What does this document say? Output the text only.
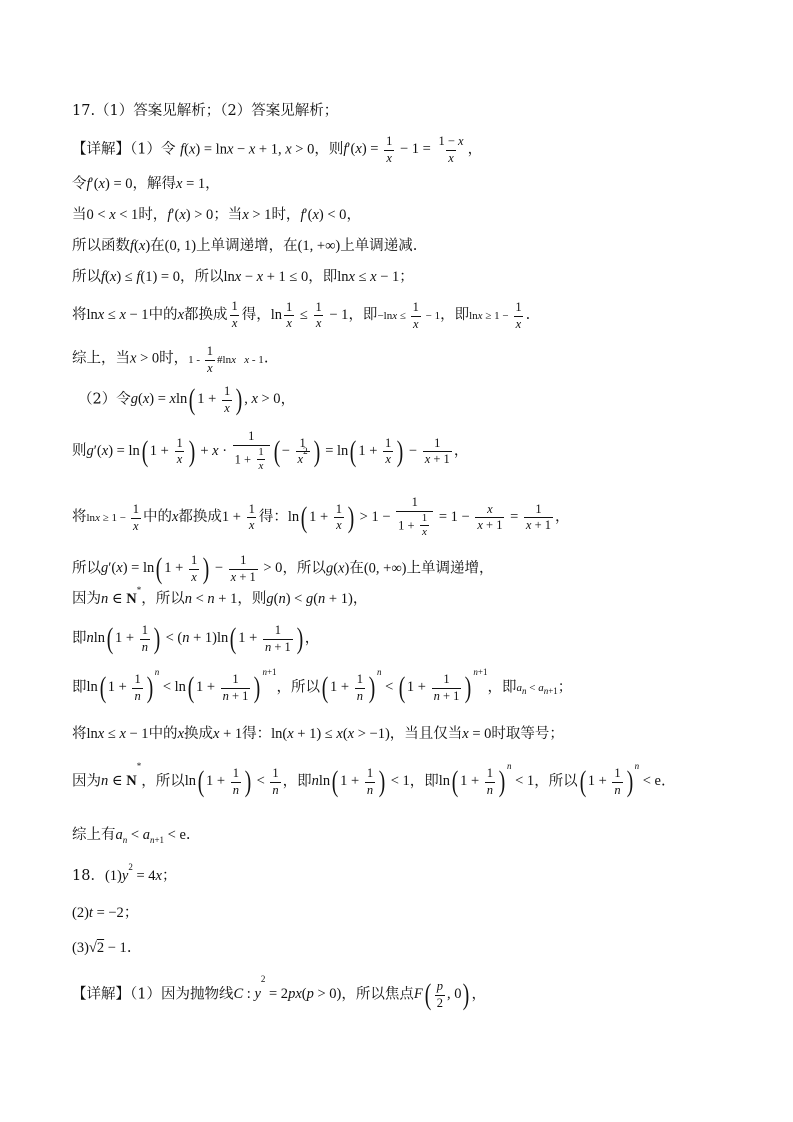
17.（1）答案见解析；（2）答案见解析；
【详解】（1）令 f(x) = lnx − x + 1, x > 0，则$f'(x) = \frac{1}{x} - 1 = \frac{1 - x}{x}$ ，
令f′(x) = 0，解得x = 1，
当0 < x < 1时，f′(x) > 0；当x > 1时，f′(x) < 0，
所以函数f(x)在(0, 1)上单调递增，在(1, +∞)上单调递减.
所以f(x) ≤ f(1) = 0，所以lnx − x + 1 ≤ 0，即lnx ≤ x − 1；
将lnx ≤ x − 1中的x都换成 $\frac{1}{x}$ 得，$\ln \frac{1}{x} \le \frac{1}{x} - 1$，即$-\ln x \le \frac{1}{x} - 1$，即$\ln x \ge 1 - \frac{1}{x}$ .
综上，当x > 0时，$1 - \frac{1}{x}$ #lnx x - 1.
（2）令g(x) = xln( $1 + \frac{1}{x}$ ) , x > 0，
则g′(x) = ln( $1 + \frac{1}{x}$ ) + $x \cdot \frac{1}{1 + \frac{1}{x}}$ ( − $\frac{1}{x^2}$ ) = ln( $1 + \frac{1}{x}$ ) − $\frac{1}{x + 1}$ ，
将$\ln x \ge 1 - \frac{1}{x}$ 中的x都换成$1 + \frac{1}{x}$ 得：ln( $1 + \frac{1}{x}$ ) > $1 - \frac{1}{1 + \frac{1}{x}} = 1 - \frac{x}{x + 1} = \frac{1}{x + 1}$ ，
所以g′(x) = ln( $1 + \frac{1}{x}$ ) − $\frac{1}{x + 1} > 0$，所以g(x)在(0, +∞)上单调递增，
因为n ∈ N*，所以n < n + 1，则g(n) < g(n + 1)，
即nln( $1 + \frac{1}{n}$ ) < (n + 1)ln( $1 + \frac{1}{n + 1}$ ) ，
即ln( $1 + \frac{1}{n}$ ) $^n$ < ln( $1 + \frac{1}{n + 1}$ ) $^{n+1}$，所以( $1 + \frac{1}{n}$ ) $^n$ < ( $1 + \frac{1}{n + 1}$ ) $^{n+1}$，即$a_n < a_{n+1}$；
将lnx ≤ x − 1中的x换成x + 1得：ln(x + 1) ≤ x(x > −1)，当且仅当x = 0时取等号；
因为n ∈ N*，所以ln( $1 + \frac{1}{n}$ ) < $\frac{1}{n}$ ，即nln( $1 + \frac{1}{n}$ ) < 1，即ln( $1 + \frac{1}{n}$ ) $^n$ < 1，所以( $1 + \frac{1}{n}$ ) $^n$ < e.
综上有$a_n < a_{n+1} < e$.
18．$(1)y^2 = 4x$；
(2)t = −2；
(3)√2 − 1.
【详解】（1）因为抛物线C : $y^2 = 2px(p > 0)$，所以焦点$F( \frac{p}{2}$ , 0) ，
